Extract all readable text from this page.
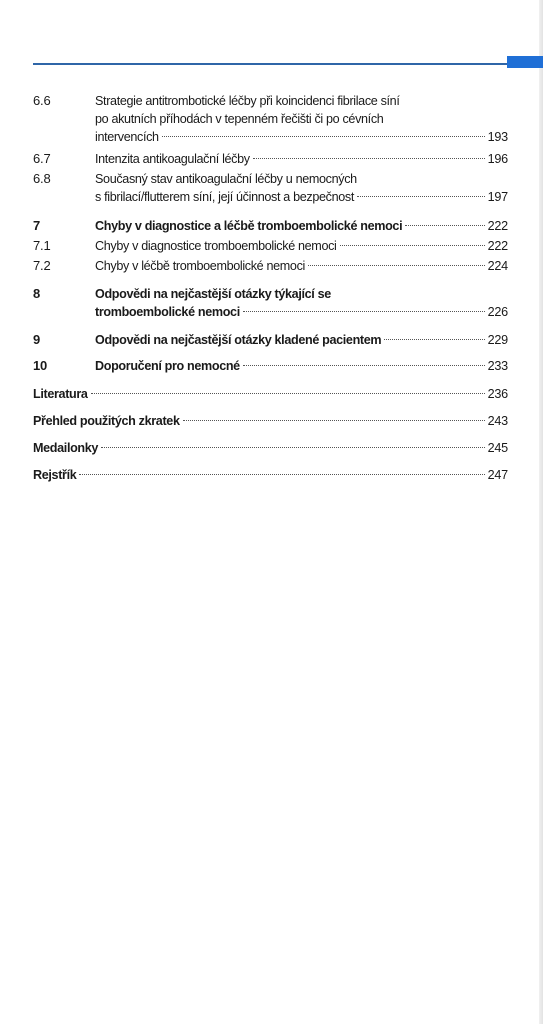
6.6	Strategie antitrombotické léčby při koincidenci fibrilace síní
po akutních příhodách v tepenném řečišti či po cévních
intervencích	193
6.7	Intenzita antikoagulační léčby	196
6.8	Současný stav antikoagulační léčby u nemocných
s fibrilací/flutterem síní, její účinnost a bezpečnost	197
7	Chyby v diagnostice a léčbě tromboembolické nemoci	222
7.1	Chyby v diagnostice tromboembolické nemoci	222
7.2	Chyby v léčbě tromboembolické nemoci	224
8	Odpovědi na nejčastější otázky týkající se
tromboembolické nemoci	226
9	Odpovědi na nejčastější otázky kladené pacientem	229
10	Doporučení pro nemocné	233
Literatura	236
Přehled použitých zkratek	243
Medailonky	245
Rejstřík	247
